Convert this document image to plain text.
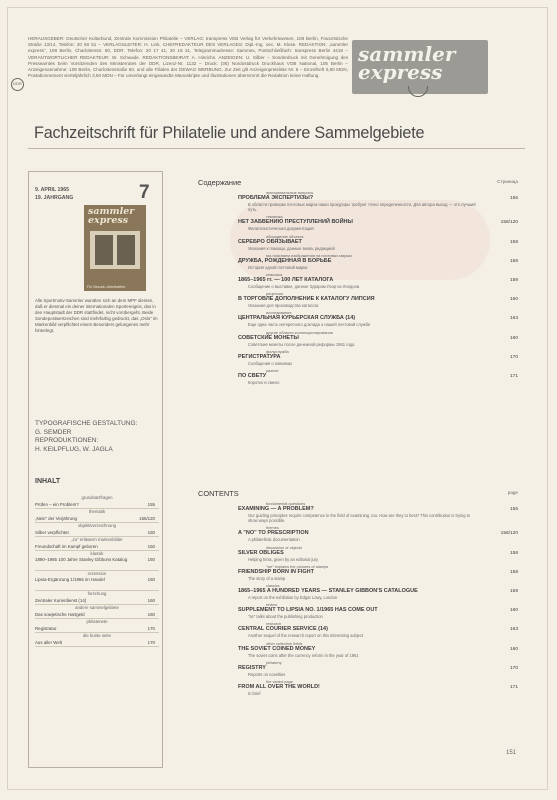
DDR
HERAUSGEBER: Deutscher Kulturbund, Zentrale Kommission Philatelie – VERLAG: transpress VEB Verlag für Verkehrswesen, 108 Berlin, Französische Straße 13/14, Telefon: 20 50 51 – VERLAGSLEITER: H. Link, CHEFREDAKTEUR DES VERLAGES: Dipl.-Ing. oec. M. Klose. REDAKTION: „sammler express“, 108 Berlin, Charlottenstr. 60, DDR. Telefon: 20 17 41, 20 16 31, Telegrammadresse: Sammex, Postschließfach: transpress Berlin 4418 – VERANTWORTLICHER REDAKTEUR: W. Schwade. REDAKTIONSBEIRAT: A. Hinrichs. ANZEIGEN: U. Silber – Sonderdruck mit Genehmigung des Presseamtes beim Vorsitzenden des Ministerrates der DDR, Lizenz-Nr. 1132 – Druck: (36) Nordostdruck Druckhaus VOB National, 105 Berlin – Anzeigenannahme: 108 Berlin, Charlottenstraße 60, und alle Filialen der DEWAG WERBUNG. Zur Zeit gilt Anzeigenpreisliste Nr. 6 – Einzelheft 0,60 MDN, Postabonnement vierteljährlich 3,60 MDN – Für unverlangt eingesandte Manuskripte und Illustrationen übernimmt die Redaktion keine Haftung.
sammler
express
Fachzeitschrift für Philatelie und andere Sammelgebiete
9. APRIL 1965
19. JAHRGANG	7
sammler
express
Für Besuch-Arbeitsleiter
Alle Sportmotiv-Sammler wandten sich an dem MPF dienten, daß er diesmal ein deiner internationalen Sportereignis, das in den Hauptstadt der DDR stattfindet, nicht vorübergeht. Beide Sondepostwertzeichen sind mehrfarbig gedruckt, das „Oslo“ im Markenbild verpflichtet einem Besonders gelungenes mehr hinterlegt.
TYPOGRAFISCHE GESTALTUNG:
G. SEMDER
REPRODUKTIONEN:
H. KEILPFLUG, W. JAGLA
INHALT
grundsatzfragen
Prüfen – ein Problem?	155
thematik
„Nein“ der Verjährung	156/120
objektiverzeichnung
Silber verpflichtet	150
„zu“ erläutern markenbilder
Freundschaft im Kampf geboren	150
klassik
1890–1965 100 Jahre Stanley Gibbons Katalog	150
rezension
Lipsia-Ergänzung 1/1965 im Handel	160
forschung
Zentraler Kurierdienst (14)	160
andere sammelgebiete
Das sowjetische Hartgeld	160
philatenete
Registratur	170
die bunte seite
Aus aller Welt	170
Содержание	Страница
принципиальные вопросы
ПРОБЛЕМА ЭКСПЕРТИЗЫ?	155
В области проверки почтовых марок наши прокуроры требуют точно определенности. Для автора выход — это лучший путь.
тематика
НЕТ ЗАБВЕНИЮ ПРЕСТУПЛЕНИЙ ВОЙНЫ	156/120
Филателистическая документация
обсуждение объекта
СЕРЕБРО ОБЯЗЫВАЕТ	158
Указания к помощи, данные вновь редакцией
мы поясняем изображения на почтовых марках
ДРУЖБА, РОЖДЕННАЯ В БОРЬБЕ	158
История одной почтовой марки
классика
1865–1965 гг. — 100 ЛЕТ КАТАЛОГА	159
Сообщение о выставке, данное Эдгаром Лоэр из Лондона
рецензия
В ТОРГОВЛЕ ДОПОЛНЕНИЕ К КАТАЛОГУ ЛИПСИЯ	160
Указания для производства каталога
исследование
ЦЕНТРАЛЬНАЯ КУРЬЕРСКАЯ СЛУЖБА (14)	163
Еще одна часть интересного доклада о нашей почтовой службе
другие области коллекционирования
СОВЕТСКИЕ МОНЕТЫ	160
Советские монеты после денежной реформы 1961 года
филуслужба
РЕГИСТРАТУРА	170
Сообщения о новинках
разное
ПО СВЕТУ	171
Коротко и смело
CONTENTS	page
fundamental questions
EXAMINING — A PROBLEM?	155
Our guiding principles require competence in the field of examining, too. How are they to best? This contribution is trying to show ways possible.
themes
A "NO" TO PRESCRIPTION	156/120
A philatelistic documentation
discussion of objects
SILVER OBLIGES	158
Helping hints, given by an editorial jury
"we" explains the pictures of stamps
FRIENDSHIP BORN IN FIGHT	158
The story of a stamp
classics
1865–1965 A HUNDRED YEARS — STANLEY GIBBON'S CATALOGUE	159
A report on the exhibition by Edgar Lowy, London
review
SUPPLEMENT TO LIPSIA NO. 1/1965 HAS COME OUT	160
"se" talks about the publishing production
research
CENTRAL COURIER SERVICE (14)	163
Another sequel of the research report on this interesting subject
other collection fields
THE SOVIET COINED MONEY	160
The soviet coins after the currency reform in the year of 1961
philateny
REGISTRY	170
Reports on novelties
the varied page
FROM ALL OVER THE WORLD!	171
In brief
151
